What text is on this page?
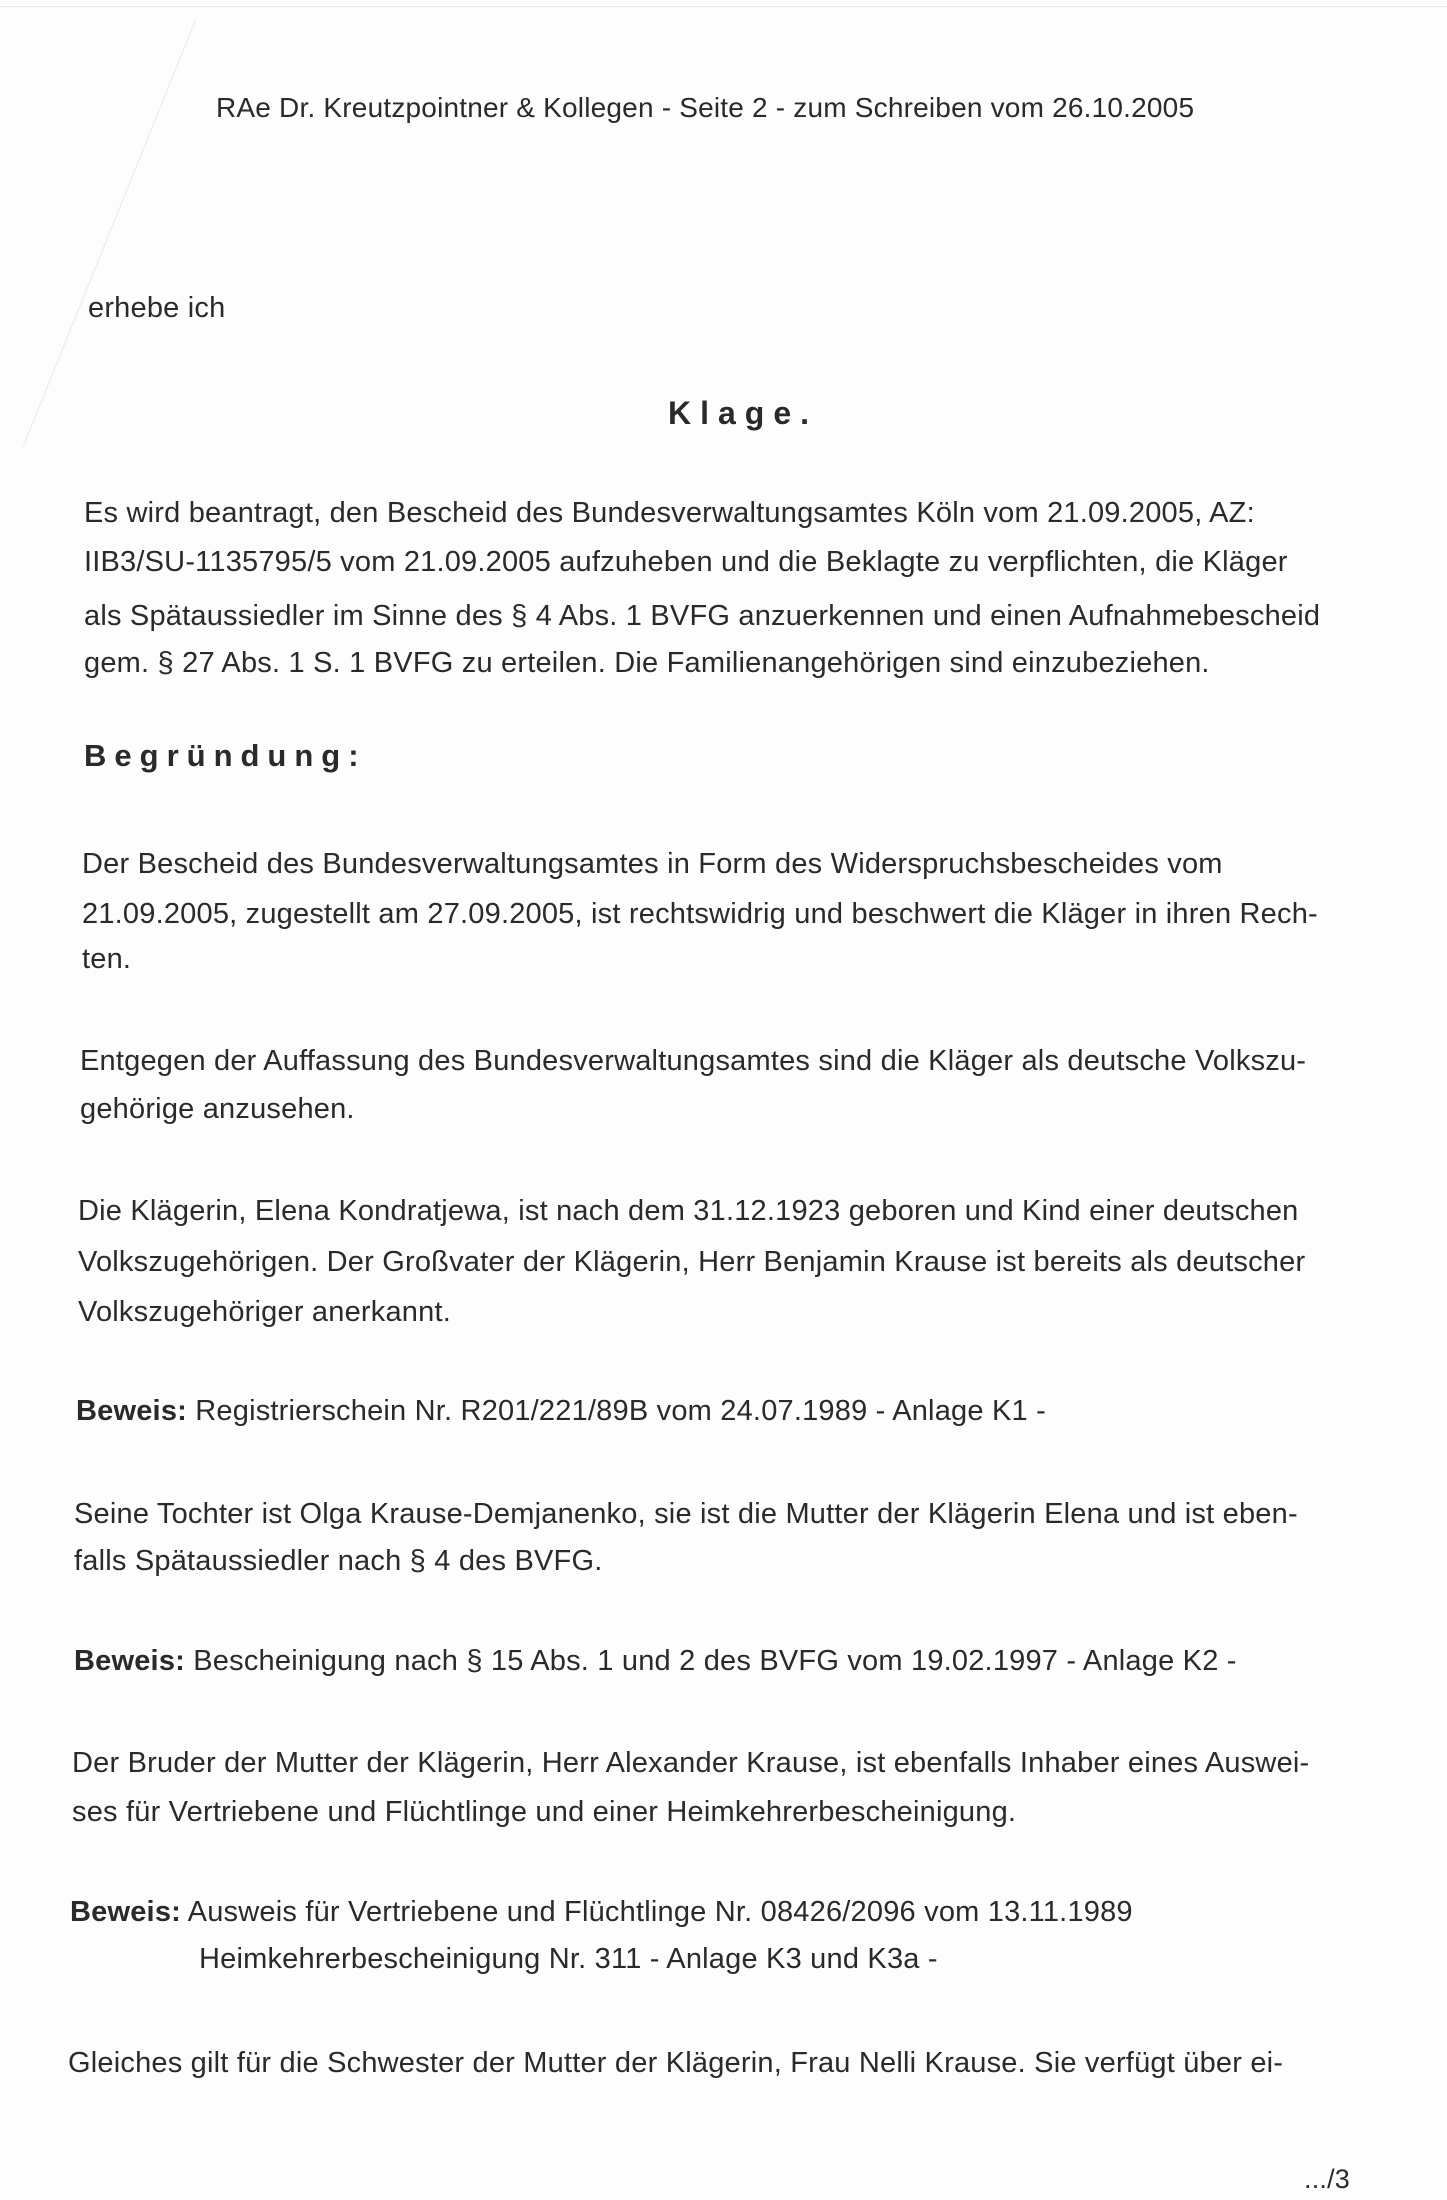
RAe Dr. Kreutzpointner & Kollegen - Seite 2 - zum Schreiben vom 26.10.2005
erhebe ich
Klage.
Es wird beantragt, den Bescheid des Bundesverwaltungsamtes Köln vom 21.09.2005, AZ:
IIB3/SU-1135795/5 vom 21.09.2005 aufzuheben und die Beklagte zu verpflichten, die Kläger
als Spätaussiedler im Sinne des § 4 Abs. 1 BVFG anzuerkennen und einen Aufnahmebescheid
gem. § 27 Abs. 1 S. 1 BVFG zu erteilen. Die Familienangehörigen sind einzubeziehen.
Begründung:
Der Bescheid des Bundesverwaltungsamtes in Form des Widerspruchsbescheides vom
21.09.2005, zugestellt am 27.09.2005, ist rechtswidrig und beschwert die Kläger in ihren Rech-
ten.
Entgegen der Auffassung des Bundesverwaltungsamtes sind die Kläger als deutsche Volkszu-
gehörige anzusehen.
Die Klägerin, Elena Kondratjewa, ist nach dem 31.12.1923 geboren und Kind einer deutschen
Volkszugehörigen. Der Großvater der Klägerin, Herr Benjamin Krause ist bereits als deutscher
Volkszugehöriger anerkannt.
Beweis: Registrierschein Nr. R201/221/89B vom 24.07.1989 - Anlage K1 -
Seine Tochter ist Olga Krause-Demjanenko, sie ist die Mutter der Klägerin Elena und ist eben-
falls Spätaussiedler nach § 4 des BVFG.
Beweis: Bescheinigung nach § 15 Abs. 1 und 2 des BVFG vom 19.02.1997 - Anlage K2 -
Der Bruder der Mutter der Klägerin, Herr Alexander Krause, ist ebenfalls Inhaber eines Auswei-
ses für Vertriebene und Flüchtlinge und einer Heimkehrerbescheinigung.
Beweis: Ausweis für Vertriebene und Flüchtlinge Nr. 08426/2096 vom 13.11.1989
Heimkehrerbescheinigung Nr. 311 - Anlage K3 und K3a -
Gleiches gilt für die Schwester der Mutter der Klägerin, Frau Nelli Krause. Sie verfügt über ei-
.../3
